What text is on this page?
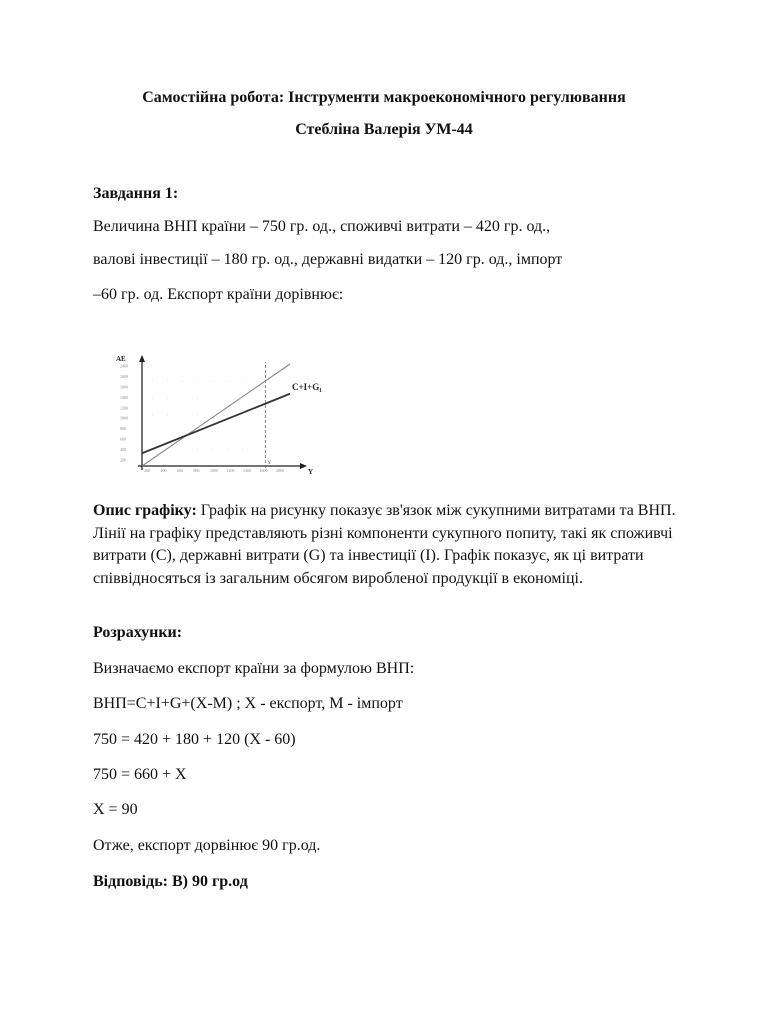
Самостійна робота: Інструменти макроекономічного регулювання
Стебліна Валерія УМ-44
Завдання 1:
Величина ВНП країни – 750 гр. од., споживчі витрати – 420 гр. од.,
валові інвестиції – 180 гр. од., державні видатки – 120 гр. од., імпорт
–60 гр. од. Експорт країни дорівнює:
AE
Y
200
400
600
800
1000
1200
1400
1600
2000
2400
200	400	600	800	1000 1200 1400 1600 2000
C+I+G₁
Y
Опис графіку: Графік на рисунку показує зв'язок між сукупними витратами та ВНП. Лінії на графіку представляють різні компоненти сукупного попиту, такі як споживчі витрати (С), державні витрати (G) та інвестиції (I). Графік показує, як ці витрати співвідносяться із загальним обсягом виробленої продукції в економіці.
Розрахунки:
Визначаємо експорт країни за формулою ВНП:
ВНП=C+I+G+(X-M) ; X - експорт, M - імпорт
750 = 420 + 180 + 120 (X - 60)
750 = 660 + X
X = 90
Отже, експорт дорвінює 90 гр.од.
Відповідь: В) 90 гр.од
